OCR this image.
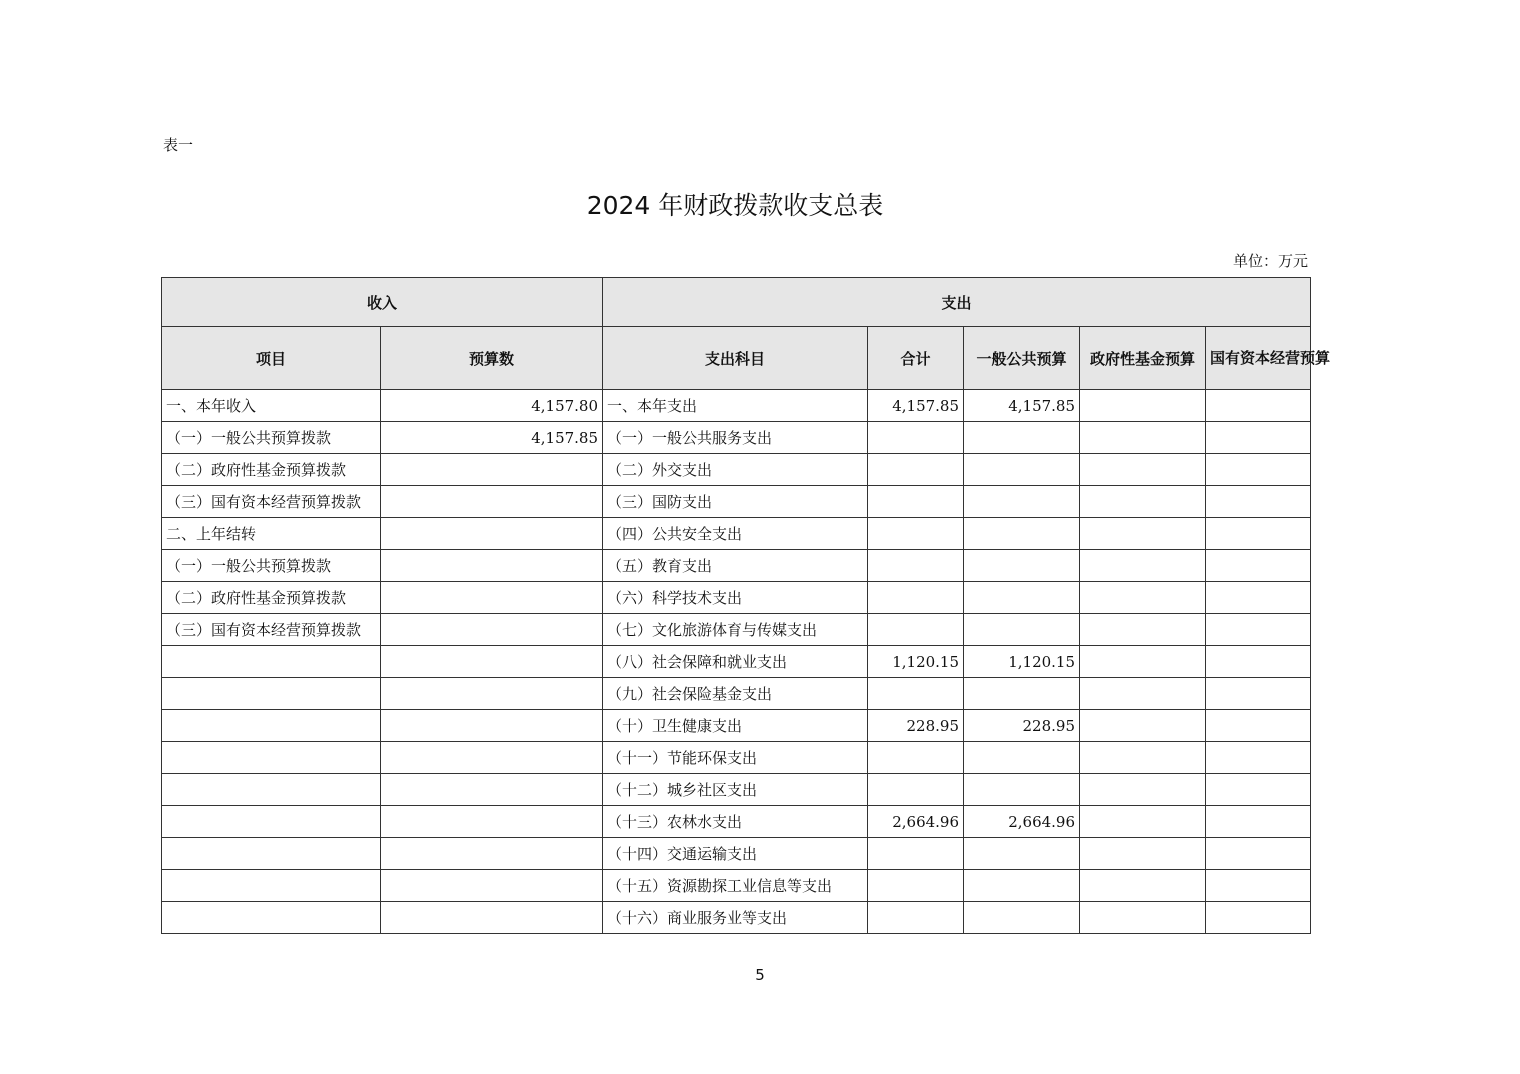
表一
2024 年财政拨款收支总表
单位：万元
收入		支出				
项目	预算数	支出科目	合计	一般公共预算	政府性基金预算	国有资本经营预算
一、本年收入	4,157.80	一、本年支出	4,157.85	4,157.85		
（一）一般公共预算拨款	4,157.85	（一）一般公共服务支出				
（二）政府性基金预算拨款		（二）外交支出				
（三）国有资本经营预算拨款		（三）国防支出				
二、上年结转		（四）公共安全支出				
（一）一般公共预算拨款		（五）教育支出				
（二）政府性基金预算拨款		（六）科学技术支出				
（三）国有资本经营预算拨款		（七）文化旅游体育与传媒支出				
		（八）社会保障和就业支出	1,120.15	1,120.15		
		（九）社会保险基金支出				
		（十）卫生健康支出	228.95	228.95		
		（十一）节能环保支出				
		（十二）城乡社区支出				
		（十三）农林水支出	2,664.96	2,664.96		
		（十四）交通运输支出				
		（十五）资源勘探工业信息等支出				
		（十六）商业服务业等支出				
5
